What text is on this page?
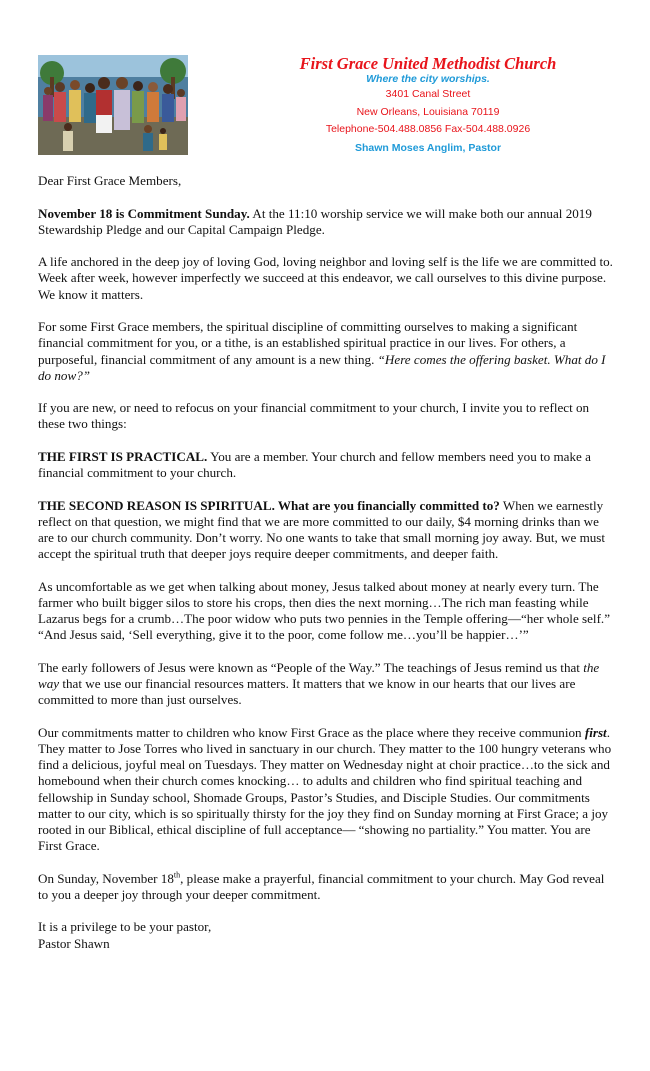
First Grace United Methodist Church
Where the city worships.
3401 Canal Street
New Orleans, Louisiana 70119
Telephone-504.488.0856 Fax-504.488.0926
Shawn Moses Anglim, Pastor

Dear First Grace Members,

November 18 is Commitment Sunday. At the 11:10 worship service we will make both our annual 2019 Stewardship Pledge and our Capital Campaign Pledge.

A life anchored in the deep joy of loving God, loving neighbor and loving self is the life we are committed to. Week after week, however imperfectly we succeed at this endeavor, we call ourselves to this divine purpose. We know it matters.

For some First Grace members, the spiritual discipline of committing ourselves to making a significant financial commitment for you, or a tithe, is an established spiritual practice in our lives. For others, a purposeful, financial commitment of any amount is a new thing. “Here comes the offering basket. What do I do now?”

If you are new, or need to refocus on your financial commitment to your church, I invite you to reflect on these two things:

THE FIRST IS PRACTICAL. You are a member. Your church and fellow members need you to make a financial commitment to your church.

THE SECOND REASON IS SPIRITUAL. What are you financially committed to? When we earnestly reflect on that question, we might find that we are more committed to our daily, $4 morning drinks than we are to our church community. Don’t worry. No one wants to take that small morning joy away. But, we must accept the spiritual truth that deeper joys require deeper commitments, and deeper faith.

As uncomfortable as we get when talking about money, Jesus talked about money at nearly every turn. The farmer who built bigger silos to store his crops, then dies the next morning…The rich man feasting while Lazarus begs for a crumb…The poor widow who puts two pennies in the Temple offering—“her whole self.” “And Jesus said, ‘Sell everything, give it to the poor, come follow me…you’ll be happier…’”

The early followers of Jesus were known as “People of the Way.” The teachings of Jesus remind us that the way that we use our financial resources matters. It matters that we know in our hearts that our lives are committed to more than just ourselves.

Our commitments matter to children who know First Grace as the place where they receive communion first. They matter to Jose Torres who lived in sanctuary in our church. They matter to the 100 hungry veterans who find a delicious, joyful meal on Tuesdays. They matter on Wednesday night at choir practice…to the sick and homebound when their church comes knocking… to adults and children who find spiritual teaching and fellowship in Sunday school, Shomade Groups, Pastor’s Studies, and Disciple Studies. Our commitments matter to our city, which is so spiritually thirsty for the joy they find on Sunday morning at First Grace; a joy rooted in our Biblical, ethical discipline of full acceptance— “showing no partiality.” You matter. You are First Grace.

On Sunday, November 18th, please make a prayerful, financial commitment to your church. May God reveal to you a deeper joy through your deeper commitment.

It is a privilege to be your pastor,

Pastor Shawn
